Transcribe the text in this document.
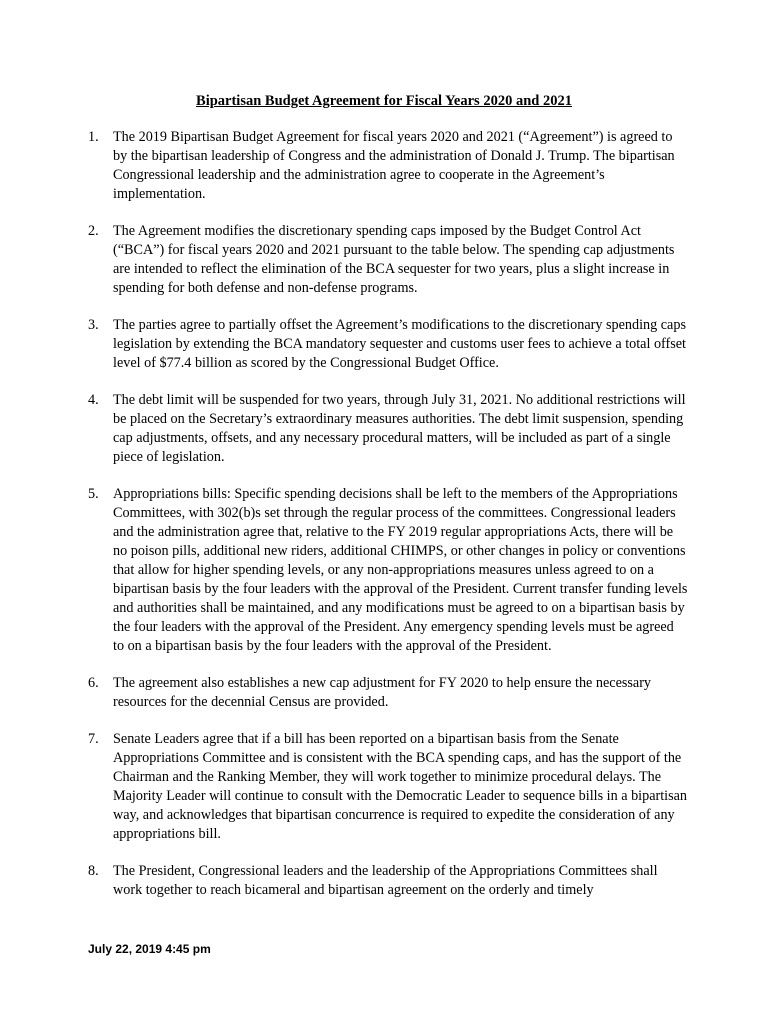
Bipartisan Budget Agreement for Fiscal Years 2020 and 2021
1. The 2019 Bipartisan Budget Agreement for fiscal years 2020 and 2021 (“Agreement”) is agreed to by the bipartisan leadership of Congress and the administration of Donald J. Trump. The bipartisan Congressional leadership and the administration agree to cooperate in the Agreement’s implementation.
2. The Agreement modifies the discretionary spending caps imposed by the Budget Control Act (“BCA”) for fiscal years 2020 and 2021 pursuant to the table below. The spending cap adjustments are intended to reflect the elimination of the BCA sequester for two years, plus a slight increase in spending for both defense and non-defense programs.
3. The parties agree to partially offset the Agreement’s modifications to the discretionary spending caps legislation by extending the BCA mandatory sequester and customs user fees to achieve a total offset level of $77.4 billion as scored by the Congressional Budget Office.
4. The debt limit will be suspended for two years, through July 31, 2021. No additional restrictions will be placed on the Secretary’s extraordinary measures authorities. The debt limit suspension, spending cap adjustments, offsets, and any necessary procedural matters, will be included as part of a single piece of legislation.
5. Appropriations bills: Specific spending decisions shall be left to the members of the Appropriations Committees, with 302(b)s set through the regular process of the committees. Congressional leaders and the administration agree that, relative to the FY 2019 regular appropriations Acts, there will be no poison pills, additional new riders, additional CHIMPS, or other changes in policy or conventions that allow for higher spending levels, or any non-appropriations measures unless agreed to on a bipartisan basis by the four leaders with the approval of the President. Current transfer funding levels and authorities shall be maintained, and any modifications must be agreed to on a bipartisan basis by the four leaders with the approval of the President. Any emergency spending levels must be agreed to on a bipartisan basis by the four leaders with the approval of the President.
6. The agreement also establishes a new cap adjustment for FY 2020 to help ensure the necessary resources for the decennial Census are provided.
7. Senate Leaders agree that if a bill has been reported on a bipartisan basis from the Senate Appropriations Committee and is consistent with the BCA spending caps, and has the support of the Chairman and the Ranking Member, they will work together to minimize procedural delays. The Majority Leader will continue to consult with the Democratic Leader to sequence bills in a bipartisan way, and acknowledges that bipartisan concurrence is required to expedite the consideration of any appropriations bill.
8. The President, Congressional leaders and the leadership of the Appropriations Committees shall work together to reach bicameral and bipartisan agreement on the orderly and timely
July 22, 2019 4:45 pm
